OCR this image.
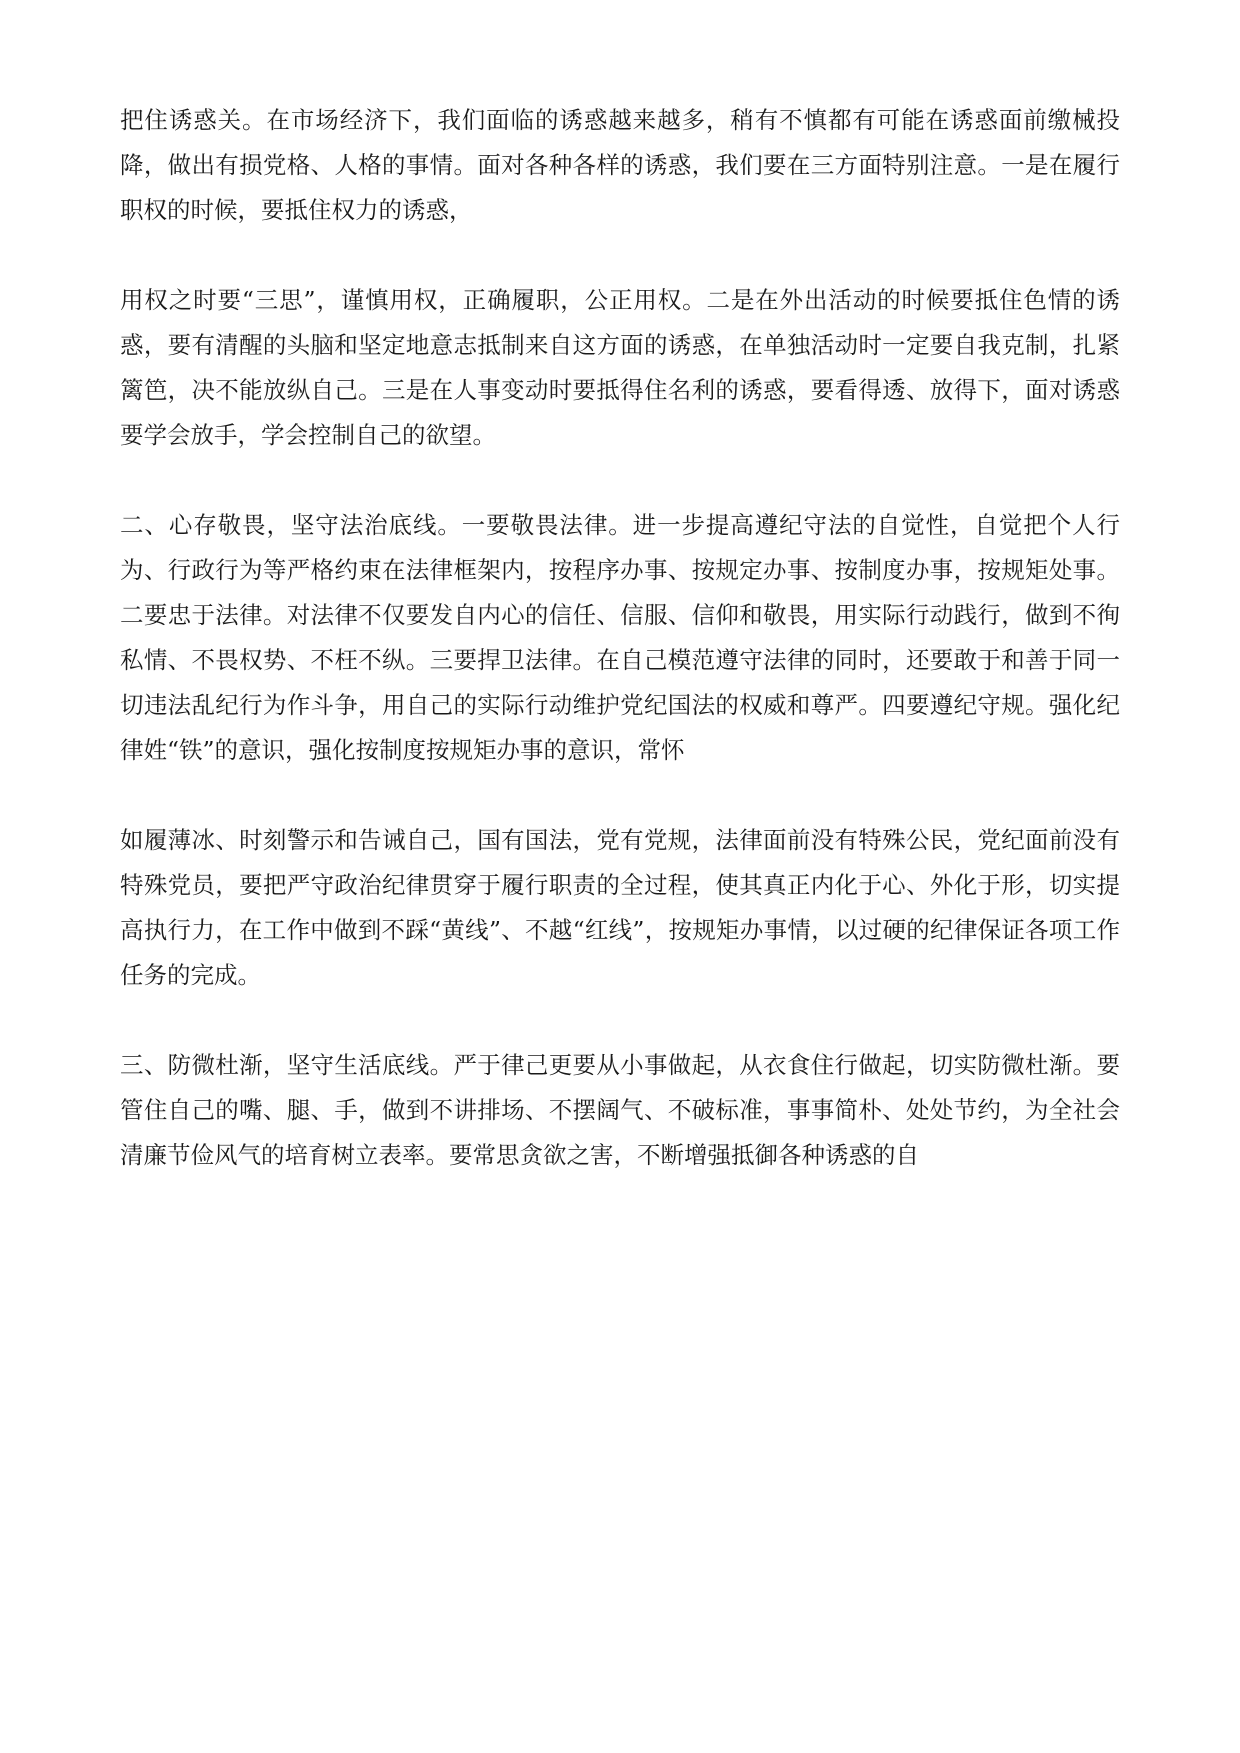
把住诱惑关。在市场经济下，我们面临的诱惑越来越多，稍有不慎都有可能在诱惑面前缴械投降，做出有损党格、人格的事情。面对各种各样的诱惑，我们要在三方面特别注意。一是在履行职权的时候，要抵住权力的诱惑，

用权之时要“三思”，谨慎用权，正确履职，公正用权。二是在外出活动的时候要抵住色情的诱惑，要有清醒的头脑和坚定地意志抵制来自这方面的诱惑，在单独活动时一定要自我克制，扎紧篱笆，决不能放纵自己。三是在人事变动时要抵得住名利的诱惑，要看得透、放得下，面对诱惑要学会放手，学会控制自己的欲望。

二、心存敬畏，坚守法治底线。一要敬畏法律。进一步提高遵纪守法的自觉性，自觉把个人行为、行政行为等严格约束在法律框架内，按程序办事、按规定办事、按制度办事，按规矩处事。二要忠于法律。对法律不仅要发自内心的信任、信服、信仰和敬畏，用实际行动践行，做到不徇私情、不畏权势、不枉不纵。三要捍卫法律。在自己模范遵守法律的同时，还要敢于和善于同一切违法乱纪行为作斗争，用自己的实际行动维护党纪国法的权威和尊严。四要遵纪守规。强化纪律姓“铁”的意识，强化按制度按规矩办事的意识，常怀

如履薄冰、时刻警示和告诫自己，国有国法，党有党规，法律面前没有特殊公民，党纪面前没有特殊党员，要把严守政治纪律贯穿于履行职责的全过程，使其真正内化于心、外化于形，切实提高执行力，在工作中做到不踩“黄线”、不越“红线”，按规矩办事情，以过硬的纪律保证各项工作任务的完成。

三、防微杜渐，坚守生活底线。严于律己更要从小事做起，从衣食住行做起，切实防微杜渐。要管住自己的嘴、腿、手，做到不讲排场、不摆阔气、不破标准，事事简朴、处处节约，为全社会清廉节俭风气的培育树立表率。要常思贪欲之害，不断增强抵御各种诱惑的自
